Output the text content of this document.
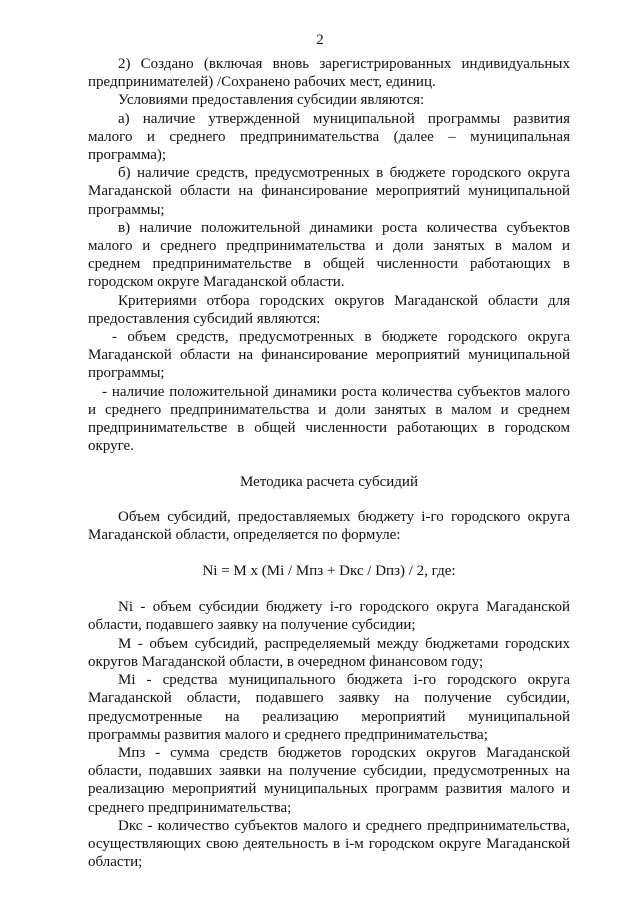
2

2) Создано (включая вновь зарегистрированных индивидуальных предпринимателей) /Сохранено рабочих мест, единиц.

Условиями предоставления субсидии являются:

а) наличие утвержденной муниципальной программы развития малого и среднего предпринимательства (далее – муниципальная программа);

б) наличие средств, предусмотренных в бюджете городского округа Магаданской области на финансирование мероприятий муниципальной программы;

в) наличие положительной динамики роста количества субъектов малого и среднего предпринимательства и доли занятых в малом и среднем предпринимательстве в общей численности работающих в городском округе Магаданской области.

Критериями отбора городских округов Магаданской области для предоставления субсидий являются:

- объем средств, предусмотренных в бюджете городского округа Магаданской области на финансирование мероприятий муниципальной программы;

- наличие положительной динамики роста количества субъектов малого и среднего предпринимательства и доли занятых в малом и среднем предпринимательстве в общей численности работающих в городском округе.

Методика расчета субсидий

Объем субсидий, предоставляемых бюджету i-го городского округа Магаданской области, определяется по формуле:

Ni = M x (Mi / Mпз + Dкс / Dпз) / 2, где:

Ni - объем субсидии бюджету i-го городского округа Магаданской области, подавшего заявку на получение субсидии;

M - объем субсидий, распределяемый между бюджетами городских округов Магаданской области, в очередном финансовом году;

Mi - средства муниципального бюджета i-го городского округа Магаданской области, подавшего заявку на получение субсидии, предусмотренные на реализацию мероприятий муниципальной программы развития малого и среднего предпринимательства;

Mпз - сумма средств бюджетов городских округов Магаданской области, подавших заявки на получение субсидии, предусмотренных на реализацию мероприятий муниципальных программ развития малого и среднего предпринимательства;

Dкс - количество субъектов малого и среднего предпринимательства, осуществляющих свою деятельность в i-м городском округе Магаданской области;
